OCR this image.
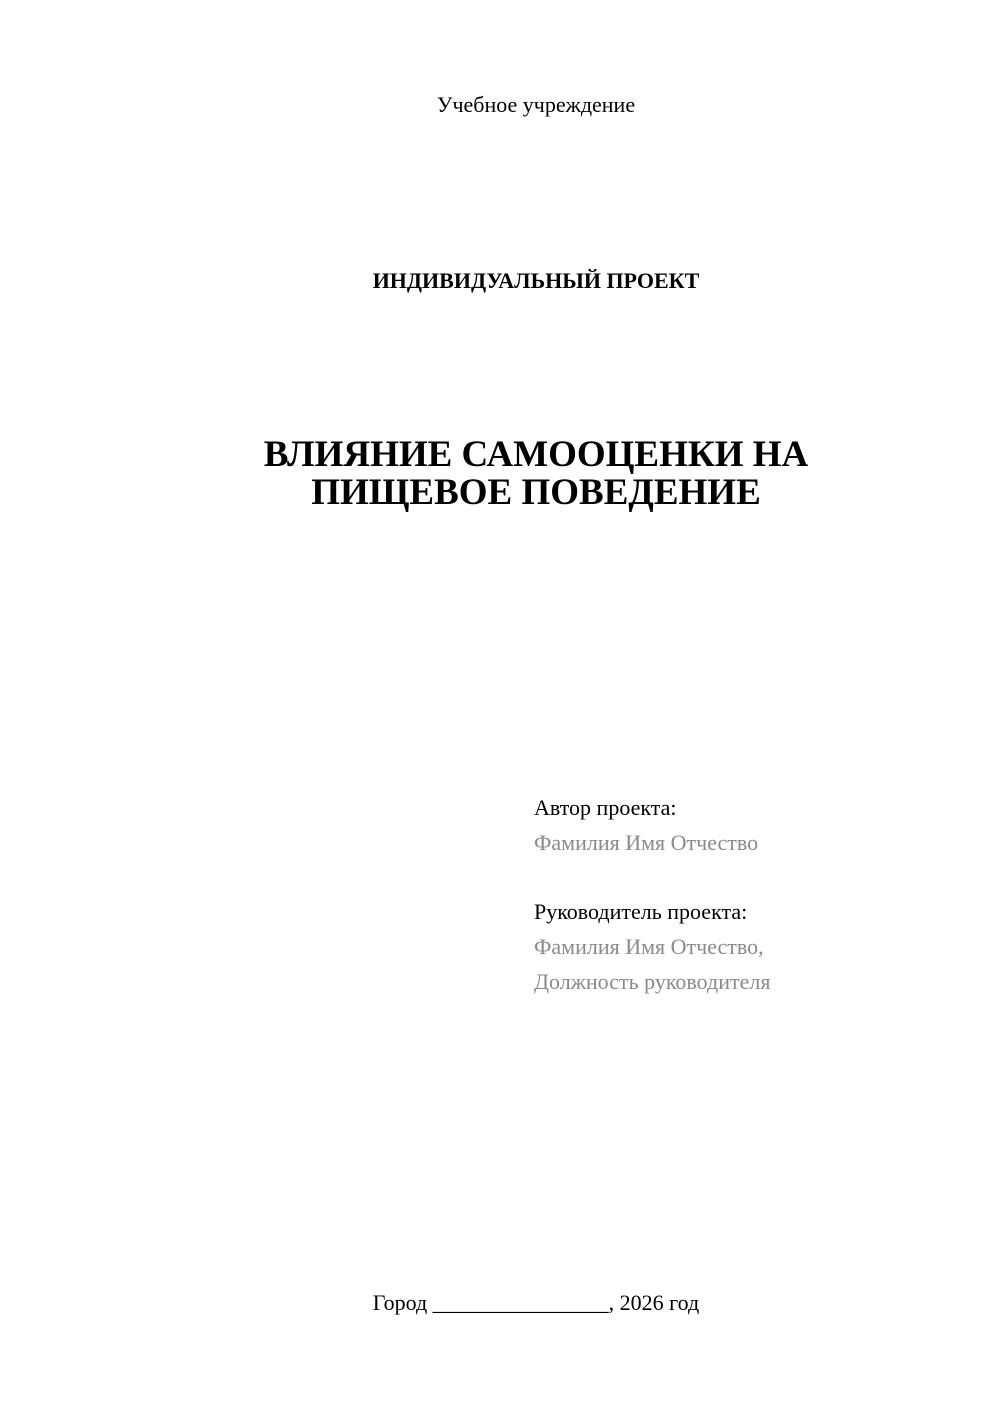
Учебное учреждение
ИНДИВИДУАЛЬНЫЙ ПРОЕКТ
ВЛИЯНИЕ САМООЦЕНКИ НА
ПИЩЕВОЕ ПОВЕДЕНИЕ
Автор проекта:
Фамилия Имя Отчество
Руководитель проекта:
Фамилия Имя Отчество,
Должность руководителя
Город ________________, 2026 год
